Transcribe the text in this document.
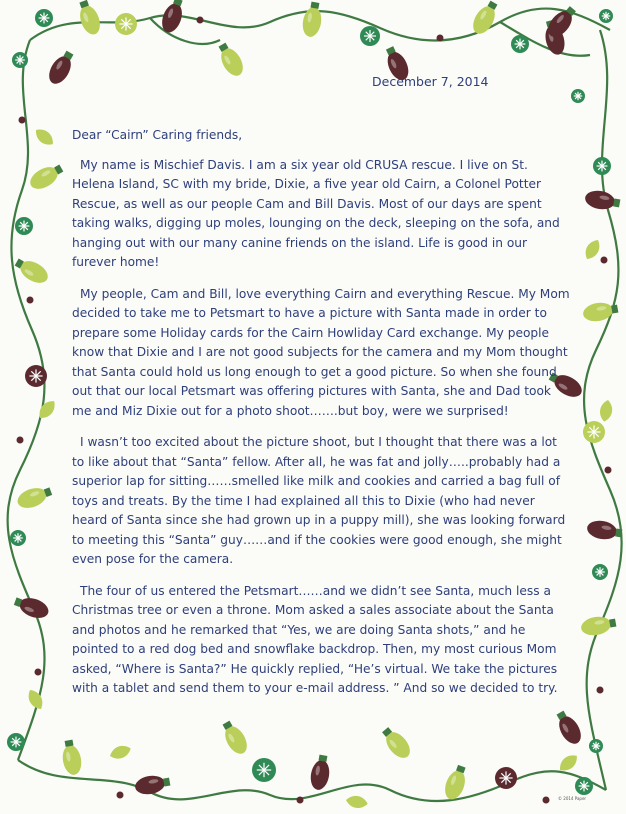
December 7, 2014

Dear “Cairn” Caring friends,

My name is Mischief Davis. I am a six year old CRUSA rescue. I live on St. Helena Island, SC with my bride, Dixie, a five year old Cairn, a Colonel Potter Rescue, as well as our people Cam and Bill Davis. Most of our days are spent taking walks, digging up moles, lounging on the deck, sleeping on the sofa, and hanging out with our many canine friends on the island. Life is good in our furever home!

My people, Cam and Bill, love everything Cairn and everything Rescue. My Mom decided to take me to Petsmart to have a picture with Santa made in order to prepare some Holiday cards for the Cairn Howliday Card exchange. My people know that Dixie and I are not good subjects for the camera and my Mom thought that Santa could hold us long enough to get a good picture. So when she found out that our local Petsmart was offering pictures with Santa, she and Dad took me and Miz Dixie out for a photo shoot…….but boy, were we surprised!

I wasn’t too excited about the picture shoot, but I thought that there was a lot to like about that “Santa” fellow. After all, he was fat and jolly…..probably had a superior lap for sitting……smelled like milk and cookies and carried a bag full of toys and treats. By the time I had explained all this to Dixie (who had never heard of Santa since she had grown up in a puppy mill), she was looking forward to meeting this “Santa” guy……and if the cookies were good enough, she might even pose for the camera.

The four of us entered the Petsmart……and we didn’t see Santa, much less a Christmas tree or even a throne. Mom asked a sales associate about the Santa and photos and he remarked that “Yes, we are doing Santa shots,” and he pointed to a red dog bed and snowflake backdrop. Then, my most curious Mom asked, “Where is Santa?” He quickly replied, “He’s virtual. We take the pictures with a tablet and send them to your e-mail address. ” And so we decided to try.

© 2014 Paper
